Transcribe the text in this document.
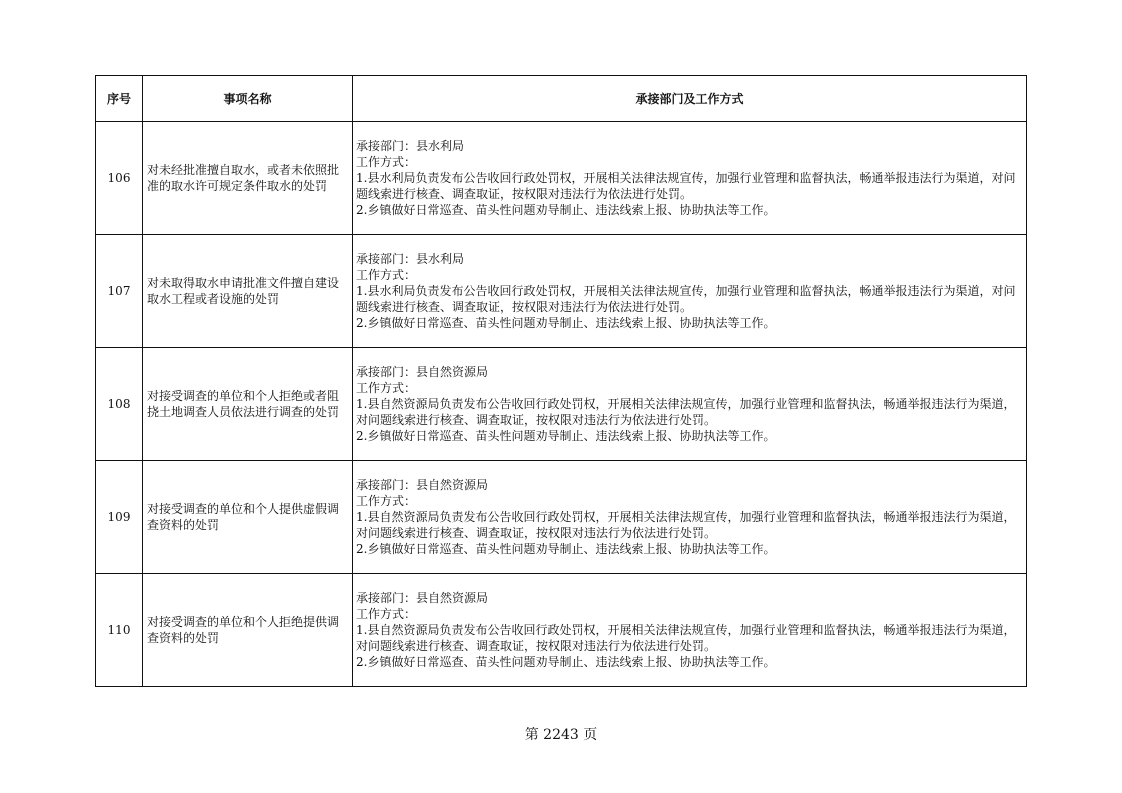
序号	事项名称	承接部门及工作方式
106	对未经批准擅自取水，或者未依照批准的取水许可规定条件取水的处罚	承接部门：县水利局
工作方式：
1.县水利局负责发布公告收回行政处罚权，开展相关法律法规宣传，加强行业管理和监督执法，畅通举报违法行为渠道，对问题线索进行核查、调查取证，按权限对违法行为依法进行处罚。
2.乡镇做好日常巡查、苗头性问题劝导制止、违法线索上报、协助执法等工作。

107	对未取得取水申请批准文件擅自建设取水工程或者设施的处罚	承接部门：县水利局
工作方式：
1.县水利局负责发布公告收回行政处罚权，开展相关法律法规宣传，加强行业管理和监督执法，畅通举报违法行为渠道，对问题线索进行核查、调查取证，按权限对违法行为依法进行处罚。
2.乡镇做好日常巡查、苗头性问题劝导制止、违法线索上报、协助执法等工作。

108	对接受调查的单位和个人拒绝或者阻挠土地调查人员依法进行调查的处罚	承接部门：县自然资源局
工作方式：
1.县自然资源局负责发布公告收回行政处罚权，开展相关法律法规宣传，加强行业管理和监督执法，畅通举报违法行为渠道，对问题线索进行核查、调查取证，按权限对违法行为依法进行处罚。
2.乡镇做好日常巡查、苗头性问题劝导制止、违法线索上报、协助执法等工作。

109	对接受调查的单位和个人提供虚假调查资料的处罚	承接部门：县自然资源局
工作方式：
1.县自然资源局负责发布公告收回行政处罚权，开展相关法律法规宣传，加强行业管理和监督执法，畅通举报违法行为渠道，对问题线索进行核查、调查取证，按权限对违法行为依法进行处罚。
2.乡镇做好日常巡查、苗头性问题劝导制止、违法线索上报、协助执法等工作。

110	对接受调查的单位和个人拒绝提供调查资料的处罚	承接部门：县自然资源局
工作方式：
1.县自然资源局负责发布公告收回行政处罚权，开展相关法律法规宣传，加强行业管理和监督执法，畅通举报违法行为渠道，对问题线索进行核查、调查取证，按权限对违法行为依法进行处罚。
2.乡镇做好日常巡查、苗头性问题劝导制止、违法线索上报、协助执法等工作。
第 2243 页
